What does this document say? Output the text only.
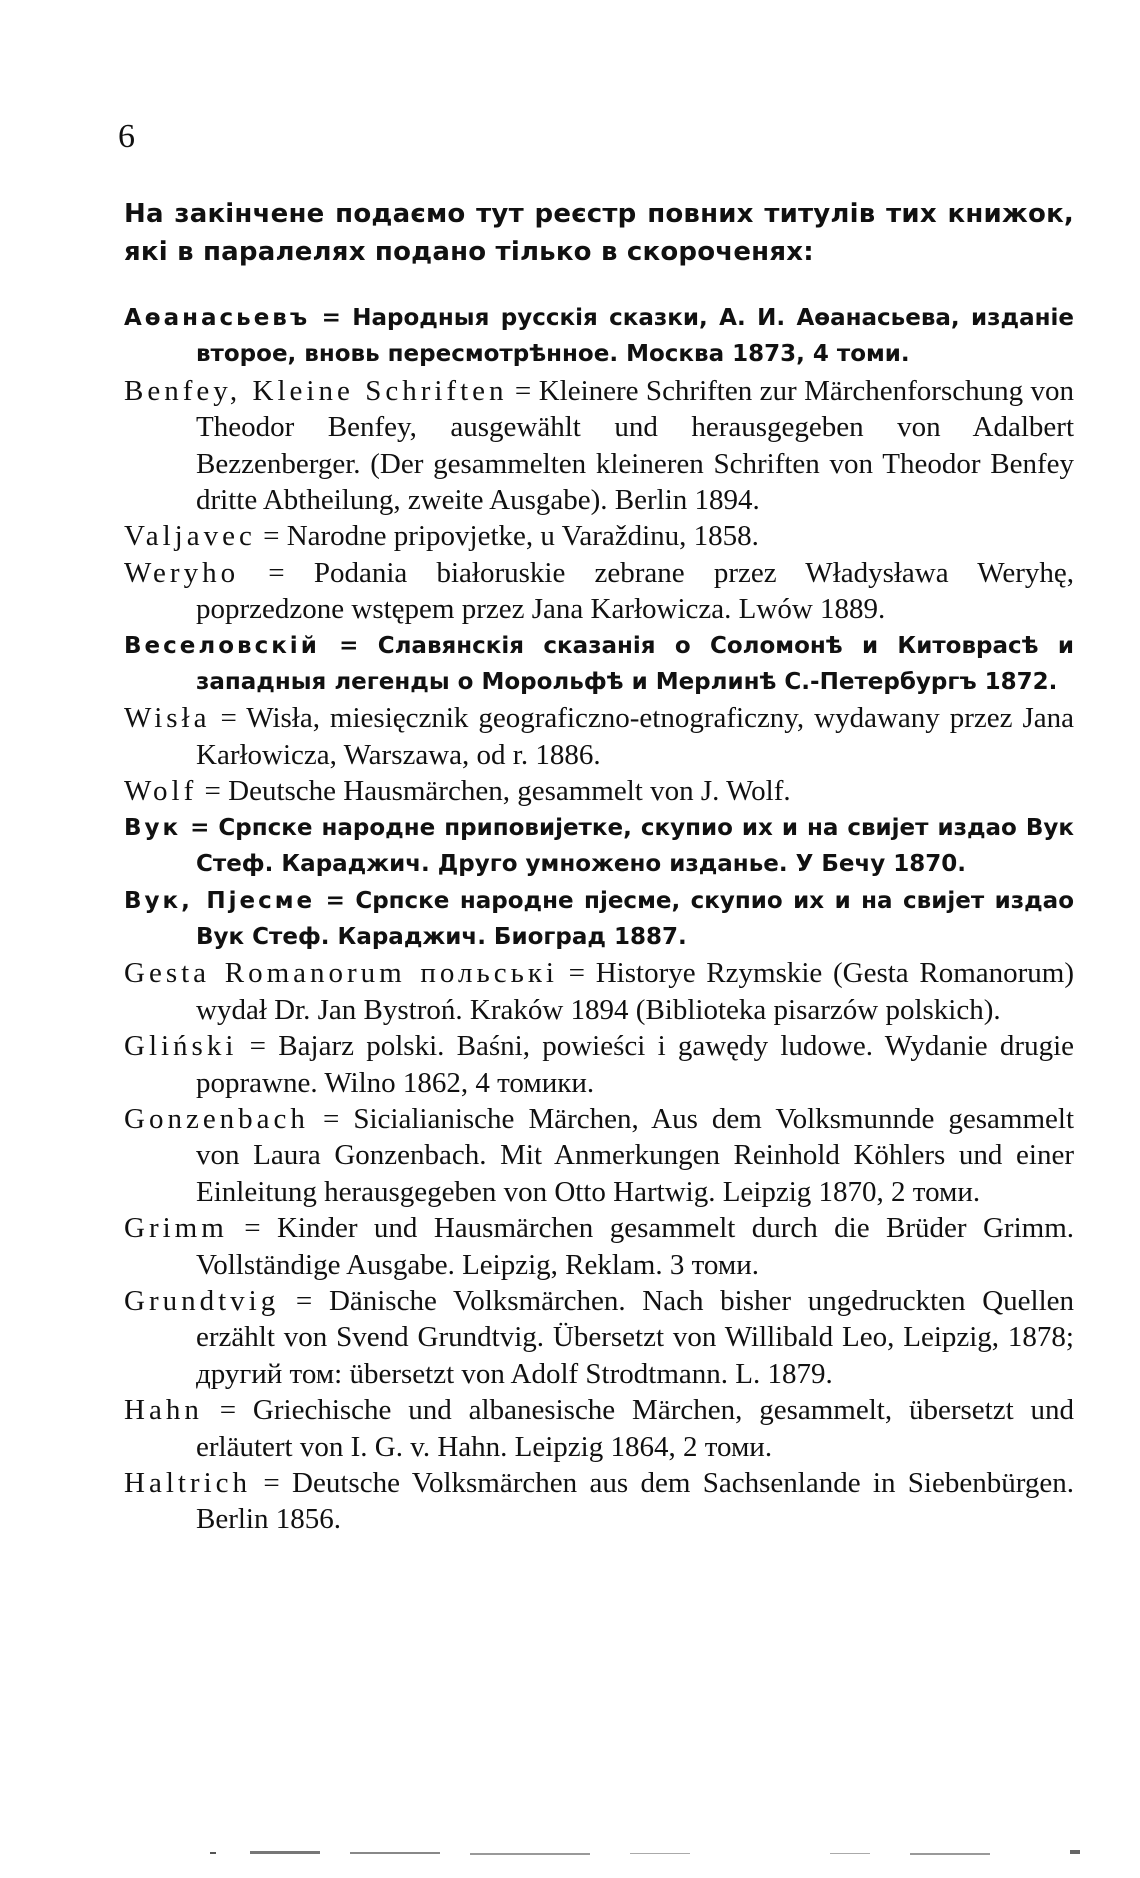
6
На закінчене подаємо тут реєстр повних титулів тих книжок, які в паралелях подано тілько в скороченях:

Аѳанасьевъ = Народныя русскія сказки, А. И. Аѳанасьева, изданіе второе, вновь пересмотрѣнное. Москва 1873, 4 томи.

Benfey, Kleine Schriften = Kleinere Schriften zur Märchenforschung von Theodor Benfey, ausgewählt und herausgegeben von Adalbert Bezzenberger. (Der gesammelten kleineren Schriften von Theodor Benfey dritte Abtheilung, zweite Ausgabe). Berlin 1894.

Valjavec = Narodne pripovjetke, u Varaždinu, 1858.

Weryho = Podania białoruskie zebrane przez Władysława Weryhę, poprzedzone wstępem przez Jana Karłowicza. Lwów 1889.

Веселовскій = Славянскія сказанія о Соломонѣ и Китоврасѣ и западныя легенды о Морольфѣ и Мерлинѣ С.-Петербургъ 1872.

Wisła = Wisła, miesięcznik geograficzno-etnograficzny, wydawany przez Jana Karłowicza, Warszawa, od r. 1886.

Wolf = Deutsche Hausmärchen, gesammelt von J. Wolf.

Вук = Српске народне приповиjетке, скупио их и на свиjет издао Вук Стеф. Караджич. Друго умножено изданье. У Бечу 1870.

Вук, Пjесме = Српске народне пjесме, скупио их и на свиjет издао Вук Стеф. Караджич. Биоград 1887.

Gesta Romanorum польські = Historye Rzymskie (Gesta Romanorum) wydał Dr. Jan Bystroń. Kraków 1894 (Biblioteka pisarzów polskich).

Gliński = Bajarz polski. Baśni, powieści i gawędy ludowe. Wydanie drugie poprawne. Wilno 1862, 4 томики.

Gonzenbach = Sicialianische Märchen, Aus dem Volksmunnde gesammelt von Laura Gonzenbach. Mit Anmerkungen Reinhold Köhlers und einer Einleitung herausgegeben von Otto Hartwig. Leipzig 1870, 2 томи.

Grimm = Kinder und Hausmärchen gesammelt durch die Brüder Grimm. Vollständige Ausgabe. Leipzig, Reklam. 3 томи.

Grundtvig = Dänische Volksmärchen. Nach bisher ungedruckten Quellen erzählt von Svend Grundtvig. Übersetzt von Willibald Leo, Leipzig, 1878; другий том: übersetzt von Adolf Strodtmann. L. 1879.

Hahn = Griechische und albanesische Märchen, gesammelt, übersetzt und erläutert von I. G. v. Hahn. Leipzig 1864, 2 томи.

Haltrich = Deutsche Volksmärchen aus dem Sachsenlande in Siebenbürgen. Berlin 1856.
